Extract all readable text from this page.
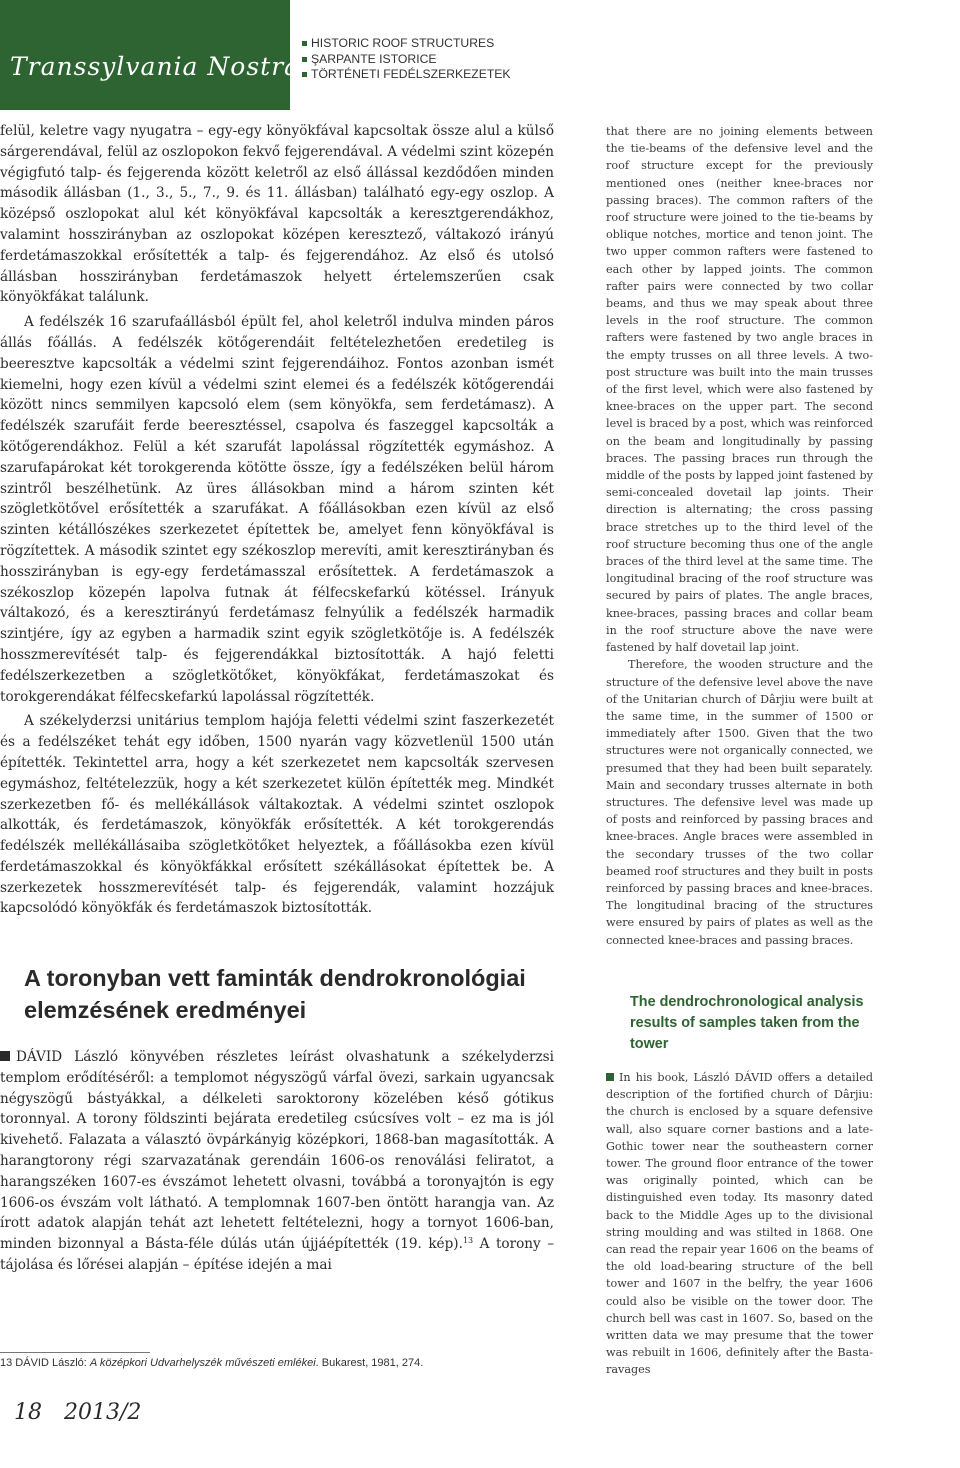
Transsylvania Nostra
HISTORIC ROOF STRUCTURES
ŞARPANTE ISTORICE
TÖRTÉNETI FEDÉLSZERKEZETEK

felül, keletre vagy nyugatra – egy-egy könyökfával kapcsoltak össze alul a külső sárgerendával, felül az oszlopokon fekvő fejgerendával. A védelmi szint közepén végigfutó talp- és fejgerenda között keletről az első állással kezdődően minden második állásban (1., 3., 5., 7., 9. és 11. állásban) található egy-egy oszlop. A középső oszlopokat alul két könyökfával kapcsolták a keresztgerendákhoz, valamint hosszirányban az oszlopokat középen keresztező, váltakozó irányú ferdetámaszokkal erősítették a talp- és fejgerendához. Az első és utolsó állásban hosszirányban ferdetámaszok helyett értelemszerűen csak könyökfákat találunk.

A fedélszék 16 szarufaállásból épült fel, ahol keletről indulva minden páros állás főállás. A fedélszék kötőgerendáit feltételezhetően eredetileg is beeresztve kapcsolták a védelmi szint fejgerendáihoz. Fontos azonban ismét kiemelni, hogy ezen kívül a védelmi szint elemei és a fedélszék kötőgerendái között nincs semmilyen kapcsoló elem (sem könyökfa, sem ferdetámasz). A fedélszék szarufáit ferde beeresztéssel, csapolva és faszeggel kapcsolták a kötőgerendákhoz. Felül a két szarufát lapolással rögzítették egymáshoz. A szarufapárokat két torokgerenda kötötte össze, így a fedélszéken belül három szintről beszélhetünk. Az üres állásokban mind a három szinten két szögletkötővel erősítették a szarufákat. A főállásokban ezen kívül az első szinten kétállószékes szerkezetet építettek be, amelyet fenn könyökfával is rögzítettek. A második szintet egy székoszlop merevíti, amit keresztirányban és hosszirányban is egy-egy ferdetámasszal erősítettek. A ferdetámaszok a székoszlop közepén lapolva futnak át félfecskefarkú kötéssel. Irányuk váltakozó, és a keresztirányú ferdetámasz felnyúlik a fedélszék harmadik szintjére, így az egyben a harmadik szint egyik szögletkötője is. A fedélszék hosszmerevítését talp- és fejgerendákkal biztosították. A hajó feletti fedélszerkezetben a szögletkötőket, könyökfákat, ferdetámaszokat és torokgerendákat félfecskefarkú lapolással rögzítették.

A székelyderzsi unitárius templom hajója feletti védelmi szint faszerkezetét és a fedélszéket tehát egy időben, 1500 nyarán vagy közvetlenül 1500 után építették. Tekintettel arra, hogy a két szerkezetet nem kapcsolták szervesen egymáshoz, feltételezzük, hogy a két szerkezetet külön építették meg. Mindkét szerkezetben fő- és mellékállások váltakoztak. A védelmi szintet oszlopok alkották, és ferdetámaszok, könyökfák erősítették. A két torokgerendás fedélszék mellékállásaiba szögletkötőket helyeztek, a főállásokba ezen kívül ferdetámaszokkal és könyökfákkal erősített székállásokat építettek be. A szerkezetek hosszmerevítését talp- és fejgerendák, valamint hozzájuk kapcsolódó könyökfák és ferdetámaszok biztosították.

A toronyban vett faminták dendrokronológiai elemzésének eredményei

DÁVID László könyvében részletes leírást olvashatunk a székelyderzsi templom erődítéséről: a templomot négyszögű várfal övezi, sarkain ugyancsak négyszögű bástyákkal, a délkeleti saroktorony közelében késő gótikus toronnyal. A torony földszinti bejárata eredetileg csúcsíves volt – ez ma is jól kivehető. Falazata a választó övpárkányig középkori, 1868-ban magasították. A harangtorony régi szarvazatának gerendáin 1606-os renoválási feliratot, a harangszéken 1607-es évszámot lehetett olvasni, továbbá a toronyajtón is egy 1606-os évszám volt látható. A templomnak 1607-ben öntött harangja van. Az írott adatok alapján tehát azt lehetett feltételezni, hogy a tornyot 1606-ban, minden bizonnyal a Básta-féle dúlás után újjáépítették (19. kép).$^{13}$ A torony – tájolása és lőrései alapján – építése idején a mai

13 DÁVID László: A középkori Udvarhelyszék művészeti emlékei. Bukarest, 1981, 274.
18 2013/2

that there are no joining elements between the tie-beams of the defensive level and the roof structure except for the previously mentioned ones (neither knee-braces nor passing braces). The common rafters of the roof structure were joined to the tie-beams by oblique notches, mortice and tenon joint. The two upper common rafters were fastened to each other by lapped joints. The common rafter pairs were connected by two collar beams, and thus we may speak about three levels in the roof structure. The common rafters were fastened by two angle braces in the empty trusses on all three levels. A two-post structure was built into the main trusses of the first level, which were also fastened by knee-braces on the upper part. The second level is braced by a post, which was reinforced on the beam and longitudinally by passing braces. The passing braces run through the middle of the posts by lapped joint fastened by semi-concealed dovetail lap joints. Their direction is alternating; the cross passing brace stretches up to the third level of the roof structure becoming thus one of the angle braces of the third level at the same time. The longitudinal bracing of the roof structure was secured by pairs of plates. The angle braces, knee-braces, passing braces and collar beam in the roof structure above the nave were fastened by half dovetail lap joint.

Therefore, the wooden structure and the structure of the defensive level above the nave of the Unitarian church of Dârjiu were built at the same time, in the summer of 1500 or immediately after 1500. Given that the two structures were not organically connected, we presumed that they had been built separately. Main and secondary trusses alternate in both structures. The defensive level was made up of posts and reinforced by passing braces and knee-braces. Angle braces were assembled in the secondary trusses of the two collar beamed roof structures and they built in posts reinforced by passing braces and knee-braces. The longitudinal bracing of the structures were ensured by pairs of plates as well as the connected knee-braces and passing braces.

The dendrochronological analysis results of samples taken from the tower

In his book, László DÁVID offers a detailed description of the fortified church of Dârjiu: the church is enclosed by a square defensive wall, also square corner bastions and a late-Gothic tower near the southeastern corner tower. The ground floor entrance of the tower was originally pointed, which can be distinguished even today. Its masonry dated back to the Middle Ages up to the divisional string moulding and was stilted in 1868. One can read the repair year 1606 on the beams of the old load-bearing structure of the bell tower and 1607 in the belfry, the year 1606 could also be visible on the tower door. The church bell was cast in 1607. So, based on the written data we may presume that the tower was rebuilt in 1606, definitely after the Basta-ravages
